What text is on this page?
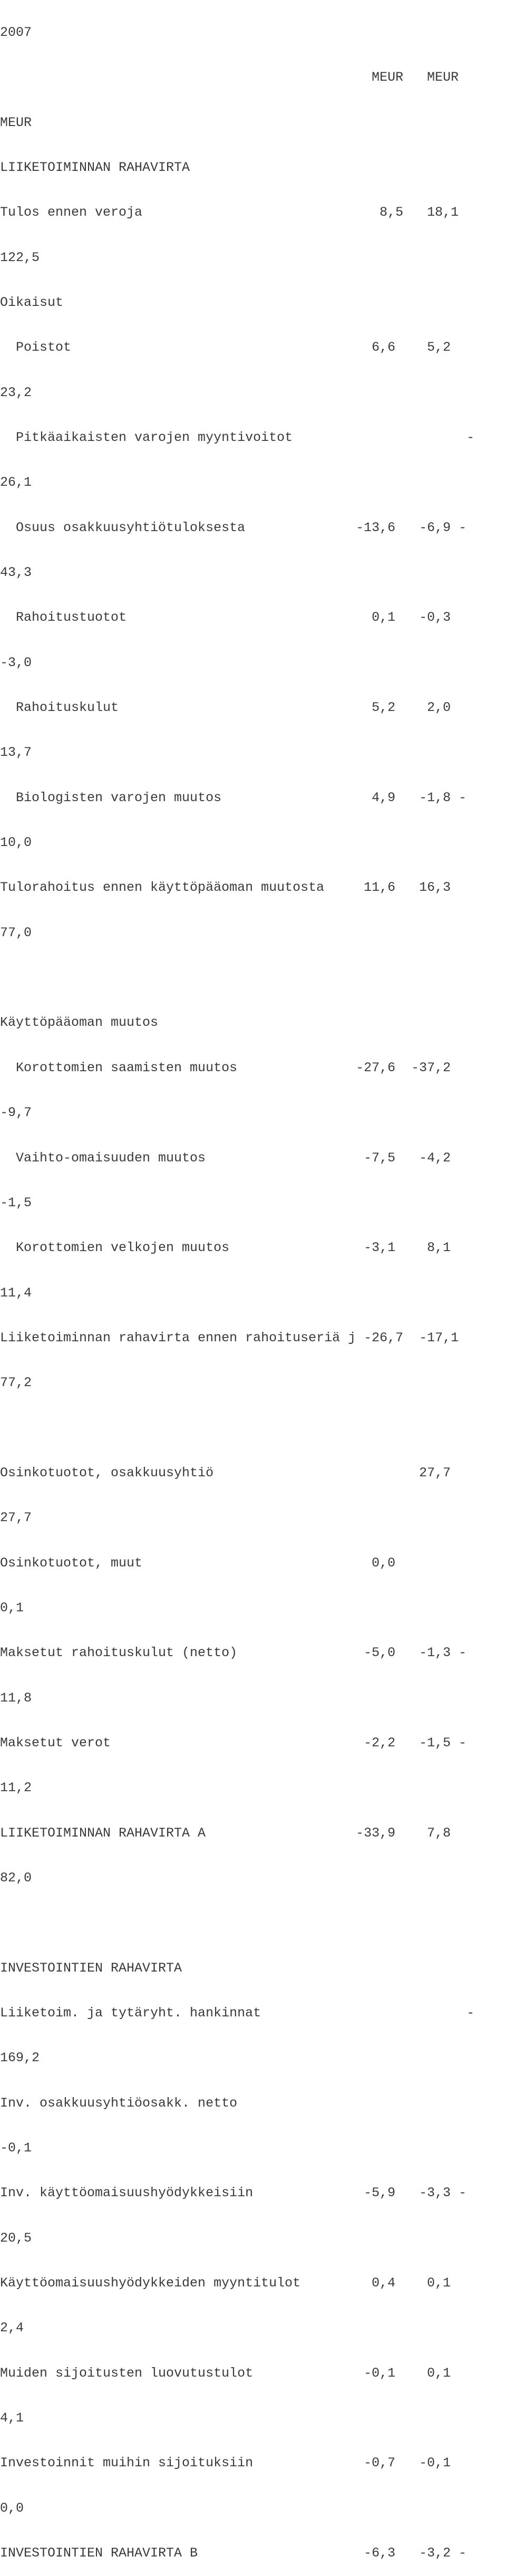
2007

MEUR   MEUR

MEUR

LIIKETOIMINNAN RAHAVIRTA

Tulos ennen veroja                              8,5   18,1

122,5

Oikaisut

Poistot                                      6,6    5,2

23,2

Pitkäaikaisten varojen myyntivoitot                      -

26,1

Osuus osakkuusyhtiötuloksesta              -13,6   -6,9 -

43,3

Rahoitustuotot                               0,1   -0,3

-3,0

Rahoituskulut                                5,2    2,0

13,7

Biologisten varojen muutos                   4,9   -1,8 -

10,0

Tulorahoitus ennen käyttöpääoman muutosta     11,6   16,3

77,0

Käyttöpääoman muutos

Korottomien saamisten muutos               -27,6  -37,2

-9,7

Vaihto-omaisuuden muutos                    -7,5   -4,2

-1,5

Korottomien velkojen muutos                 -3,1    8,1

11,4

Liiketoiminnan rahavirta ennen rahoituseriä j -26,7  -17,1

77,2

Osinkotuotot, osakkuusyhtiö                          27,7

27,7

Osinkotuotot, muut                             0,0

0,1

Maksetut rahoituskulut (netto)                -5,0   -1,3 -

11,8

Maksetut verot                                -2,2   -1,5 -

11,2

LIIKETOIMINNAN RAHAVIRTA A                   -33,9    7,8

82,0

INVESTOINTIEN RAHAVIRTA

Liiketoim. ja tytäryht. hankinnat                          -

169,2

Inv. osakkuusyhtiöosakk. netto

-0,1

Inv. käyttöomaisuushyödykkeisiin              -5,9   -3,3 -

20,5

Käyttöomaisuushyödykkeiden myyntitulot         0,4    0,1

2,4

Muiden sijoitusten luovutustulot              -0,1    0,1

4,1

Investoinnit muihin sijoituksiin              -0,7   -0,1

0,0

INVESTOINTIEN RAHAVIRTA B                     -6,3   -3,2 -
